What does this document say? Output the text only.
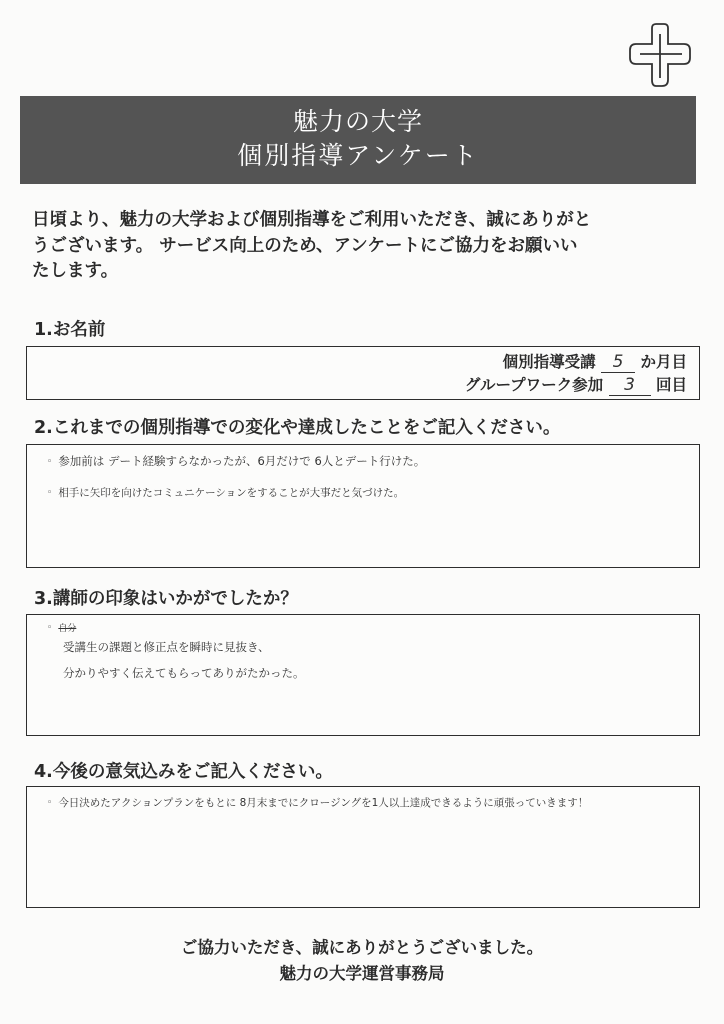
魅力の大学
個別指導アンケート
日頃より、魅力の大学および個別指導をご利用いただき、誠にありがと
うございます。 サービス向上のため、アンケートにご協力をお願いい
たします。
1.お名前
個別指導受講 5 か月目
グループワーク参加 3 回目
2.これまでの個別指導での変化や達成したことをご記入ください。
◦ 参加前は デート経験すらなかったが、6月だけで 6人とデート行けた。
◦ 相手に矢印を向けたコミュニケーションをすることが大事だと気づけた。
3.講師の印象はいかがでしたか？
◦ 自分
受講生の課題と修正点を瞬時に見抜き、
分かりやすく伝えてもらってありがたかった。
4.今後の意気込みをご記入ください。
◦ 今日決めたアクションプランをもとに 8月末までにクロージングを1人以上達成できるように頑張っていきます！
ご協力いただき、誠にありがとうございました。
魅力の大学運営事務局
